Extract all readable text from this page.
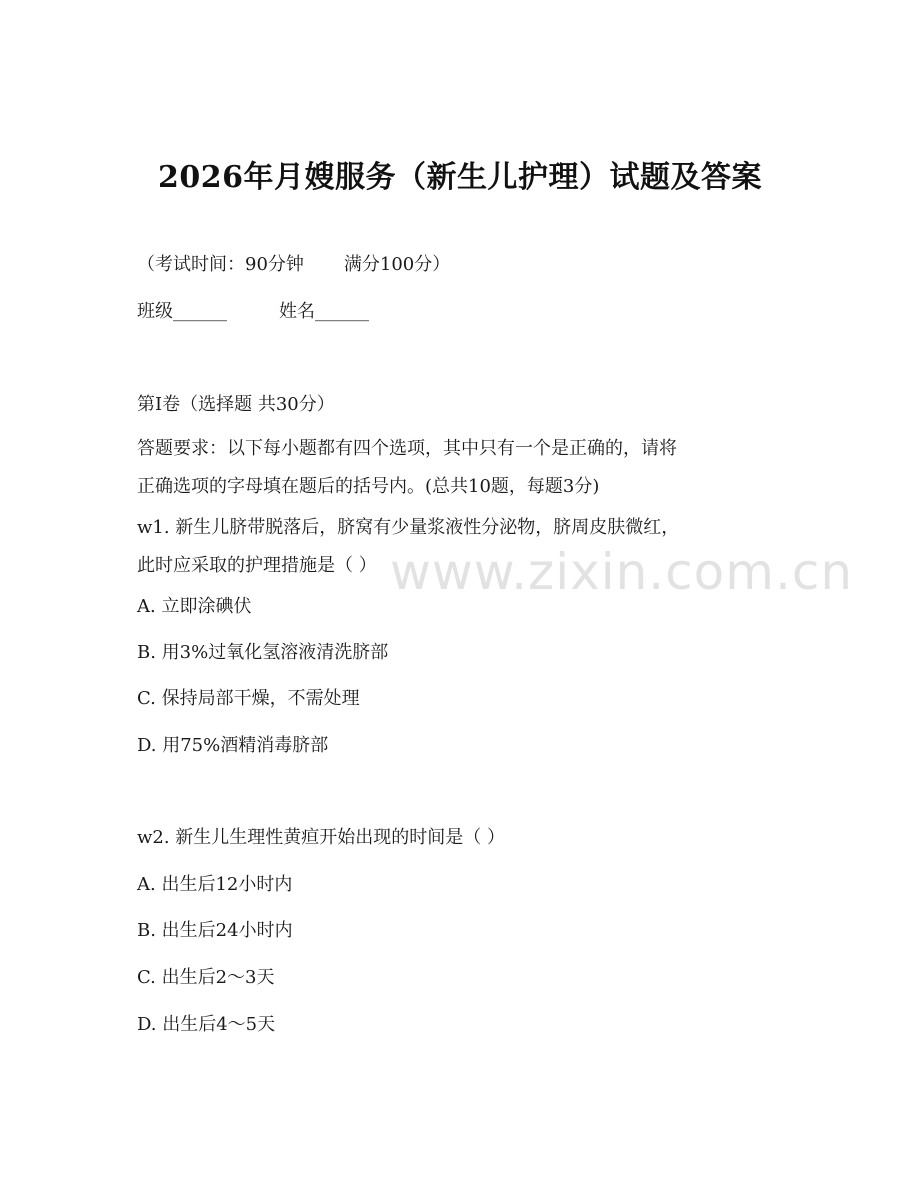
2026年月嫂服务（新生儿护理）试题及答案
（考试时间：90分钟 满分100分）
班级______	姓名______
第I卷（选择题 共30分）
答题要求：以下每小题都有四个选项，其中只有一个是正确的，请将
正确选项的字母填在题后的括号内。(总共10题，每题3分)
w1. 新生儿脐带脱落后，脐窝有少量浆液性分泌物，脐周皮肤微红，
此时应采取的护理措施是（ ）
A. 立即涂碘伏
B. 用3%过氧化氢溶液清洗脐部
C. 保持局部干燥，不需处理
D. 用75%酒精消毒脐部
w2. 新生儿生理性黄疸开始出现的时间是（ ）
A. 出生后12小时内
B. 出生后24小时内
C. 出生后2～3天
D. 出生后4～5天
www.zixin.com.cn
